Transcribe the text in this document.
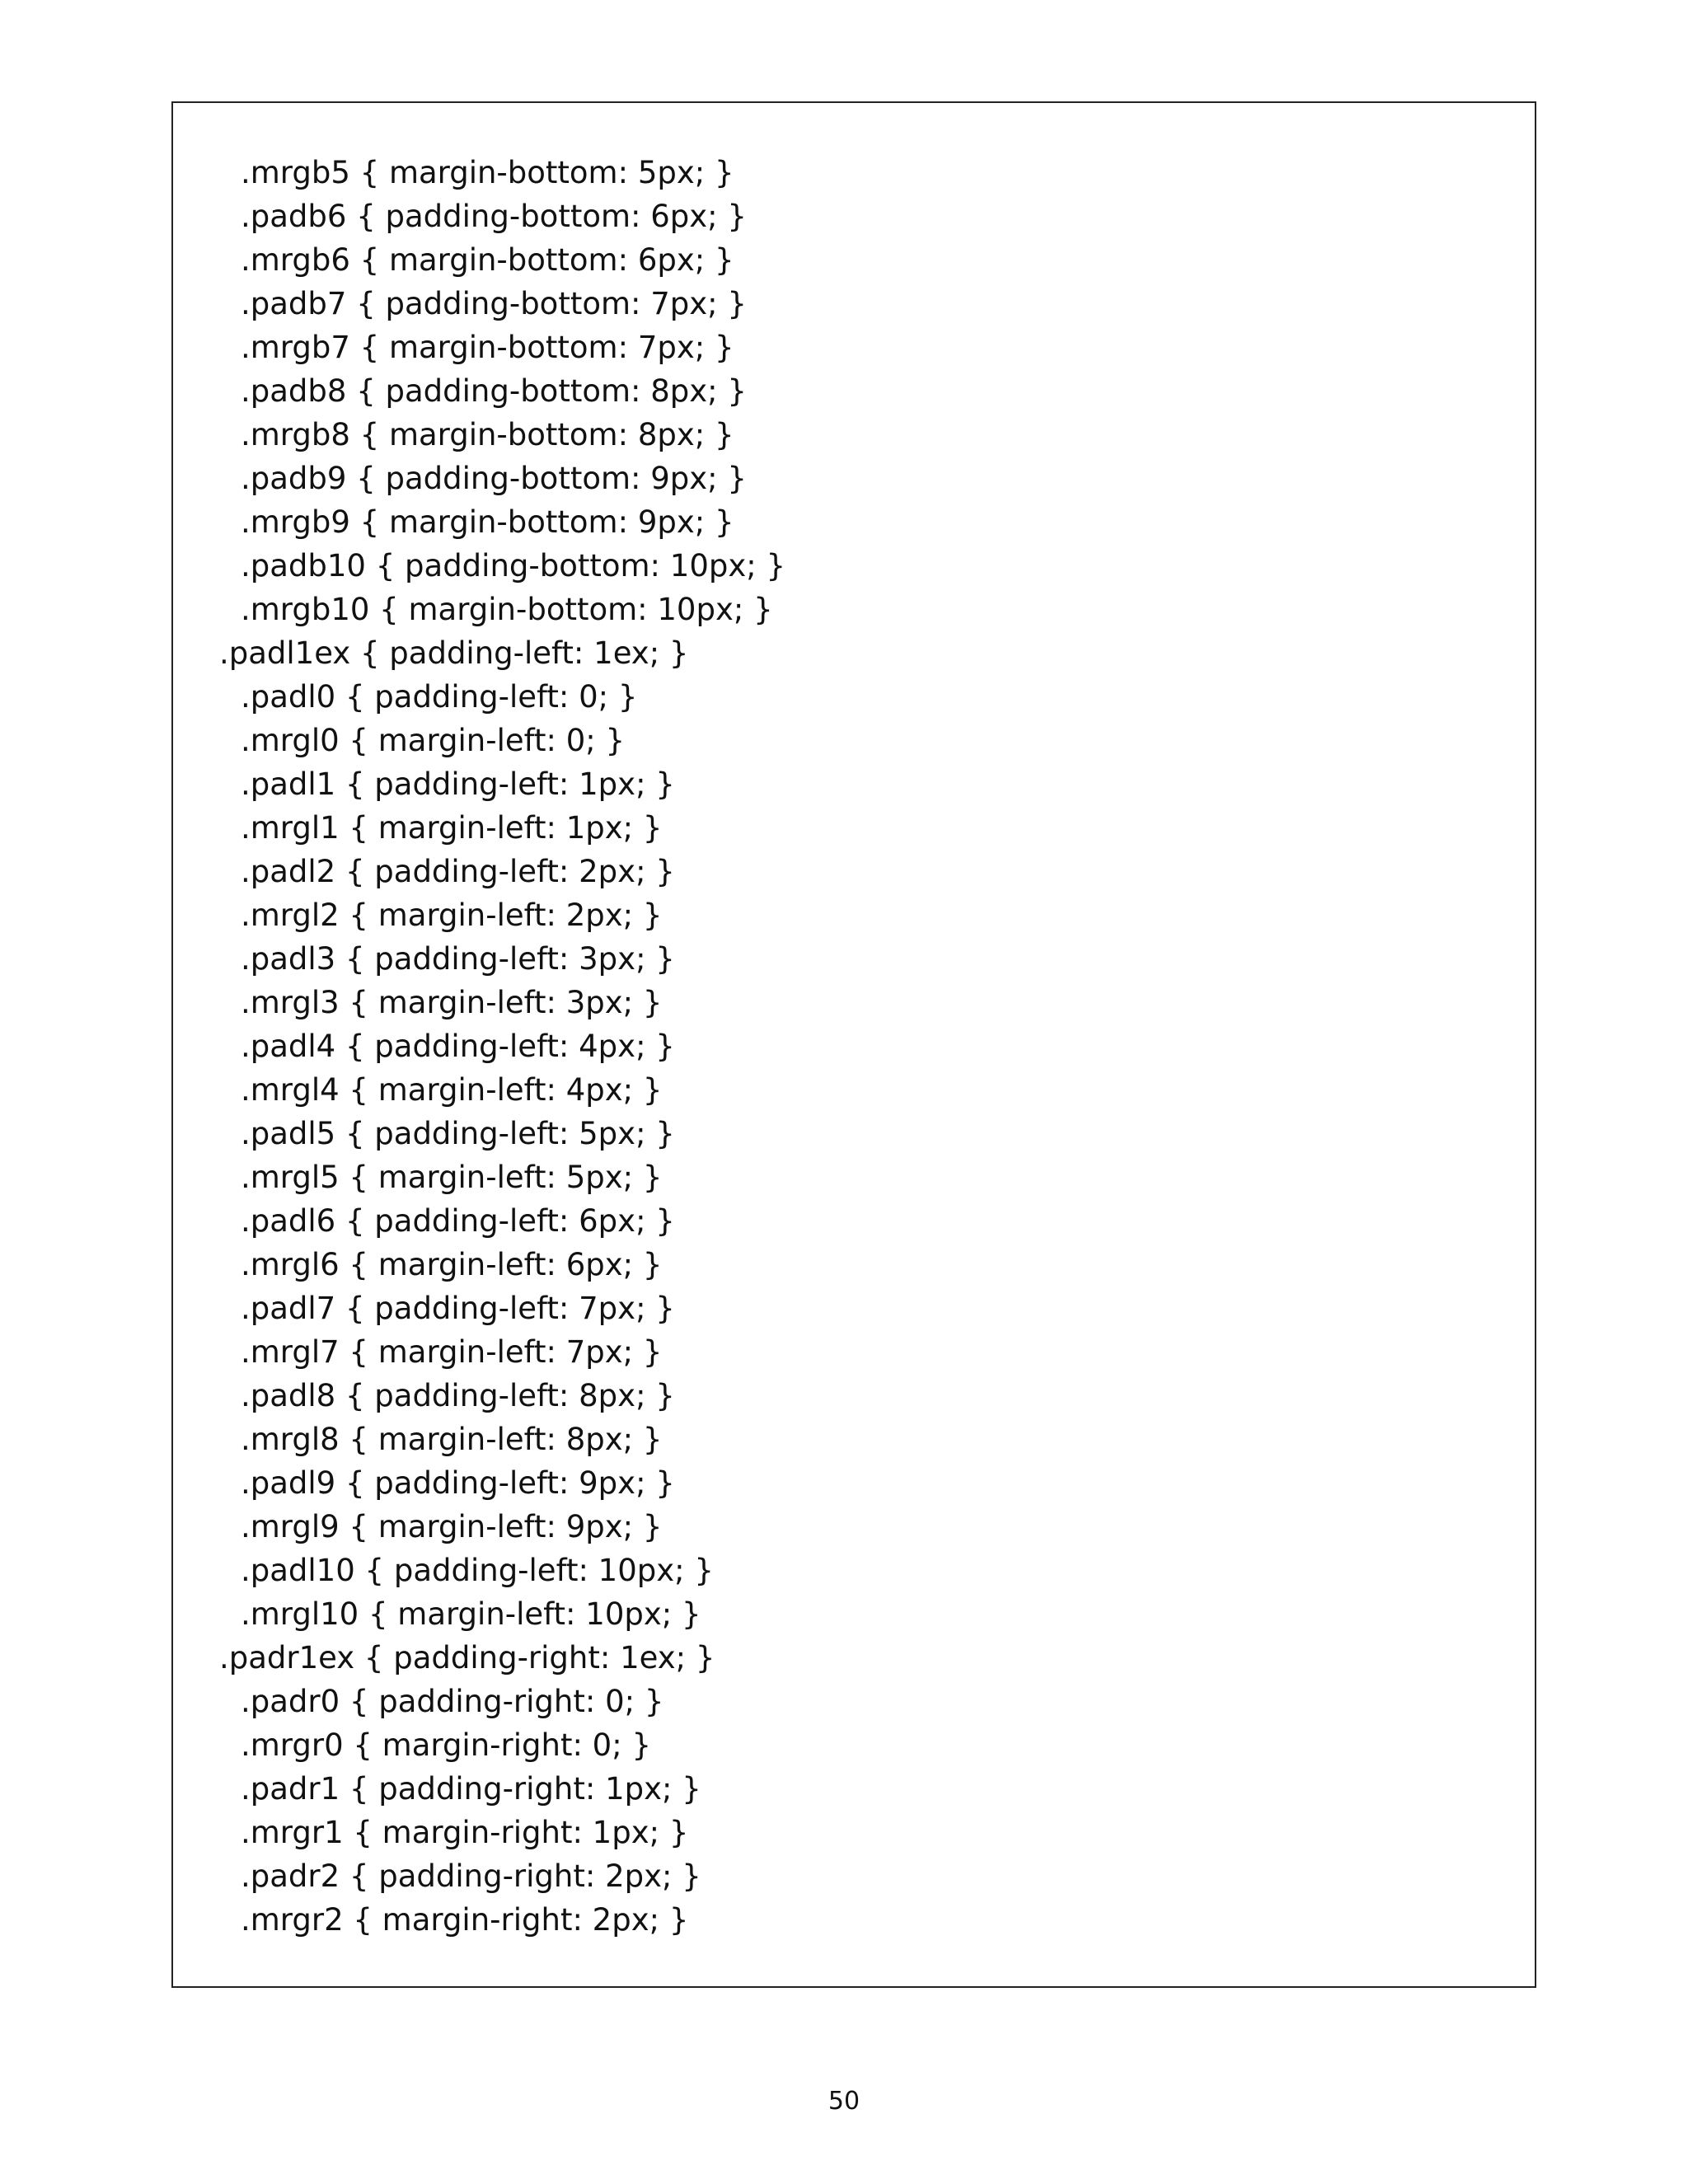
.mrgb5 { margin-bottom: 5px; }
.padb6 { padding-bottom: 6px; }
.mrgb6 { margin-bottom: 6px; }
.padb7 { padding-bottom: 7px; }
.mrgb7 { margin-bottom: 7px; }
.padb8 { padding-bottom: 8px; }
.mrgb8 { margin-bottom: 8px; }
.padb9 { padding-bottom: 9px; }
.mrgb9 { margin-bottom: 9px; }
.padb10 { padding-bottom: 10px; }
.mrgb10 { margin-bottom: 10px; }
.padl1ex { padding-left: 1ex; }
.padl0 { padding-left: 0; }
.mrgl0 { margin-left: 0; }
.padl1 { padding-left: 1px; }
.mrgl1 { margin-left: 1px; }
.padl2 { padding-left: 2px; }
.mrgl2 { margin-left: 2px; }
.padl3 { padding-left: 3px; }
.mrgl3 { margin-left: 3px; }
.padl4 { padding-left: 4px; }
.mrgl4 { margin-left: 4px; }
.padl5 { padding-left: 5px; }
.mrgl5 { margin-left: 5px; }
.padl6 { padding-left: 6px; }
.mrgl6 { margin-left: 6px; }
.padl7 { padding-left: 7px; }
.mrgl7 { margin-left: 7px; }
.padl8 { padding-left: 8px; }
.mrgl8 { margin-left: 8px; }
.padl9 { padding-left: 9px; }
.mrgl9 { margin-left: 9px; }
.padl10 { padding-left: 10px; }
.mrgl10 { margin-left: 10px; }
.padr1ex { padding-right: 1ex; }
.padr0 { padding-right: 0; }
.mrgr0 { margin-right: 0; }
.padr1 { padding-right: 1px; }
.mrgr1 { margin-right: 1px; }
.padr2 { padding-right: 2px; }
.mrgr2 { margin-right: 2px; }
50
